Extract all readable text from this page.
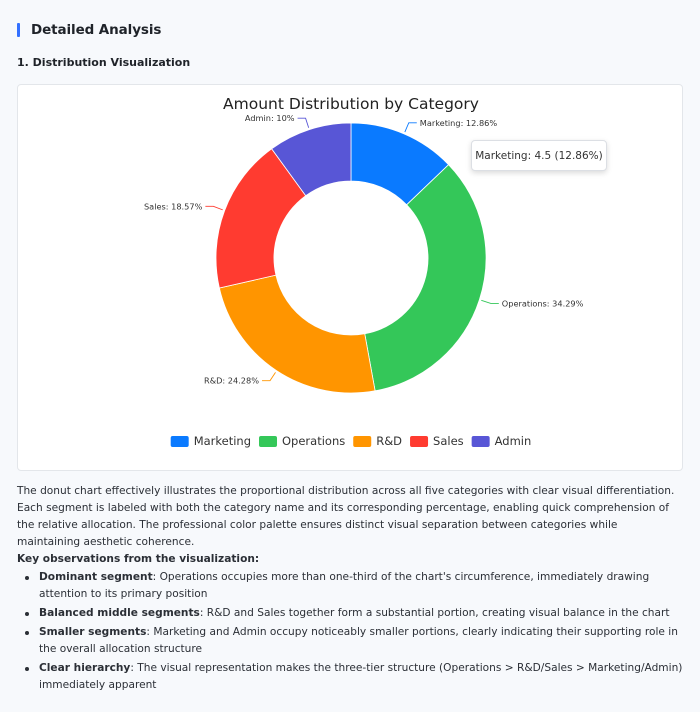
Detailed Analysis
1. Distribution Visualization
Amount Distribution by Category
Marketing: 12.86%
Operations: 34.29%
R&D: 24.28%
Sales: 18.57%
Admin: 10%
Marketing	Operations	R&D	Sales	Admin
Marketing: 4.5 (12.86%)

The donut chart effectively illustrates the proportional distribution across all five categories with clear visual differentiation. Each segment is labeled with both the category name and its corresponding percentage, enabling quick comprehension of the relative allocation. The professional color palette ensures distinct visual separation between categories while maintaining aesthetic coherence.

Key observations from the visualization:

Dominant segment: Operations occupies more than one-third of the chart's circumference, immediately drawing attention to its primary position
Balanced middle segments: R&D and Sales together form a substantial portion, creating visual balance in the chart
Smaller segments: Marketing and Admin occupy noticeably smaller portions, clearly indicating their supporting role in the overall allocation structure
Clear hierarchy: The visual representation makes the three-tier structure (Operations > R&D/Sales > Marketing/Admin) immediately apparent
